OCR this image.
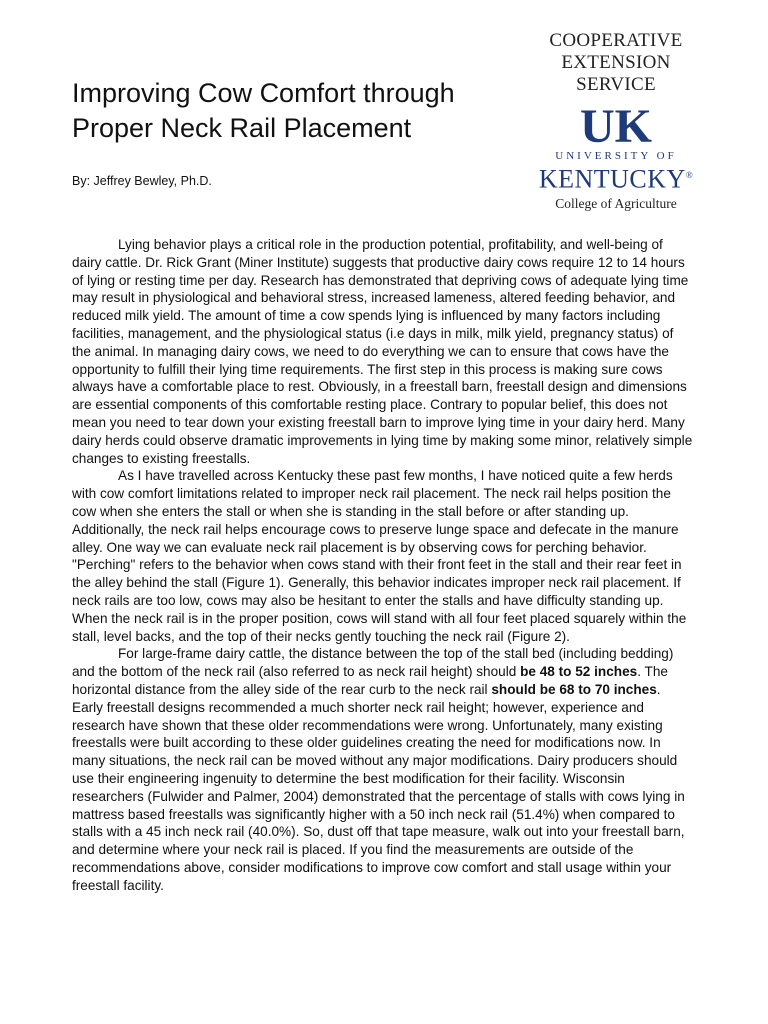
Improving Cow Comfort through Proper Neck Rail Placement
By: Jeffrey Bewley, Ph.D.
COOPERATIVE
EXTENSION
SERVICE
UK
UNIVERSITY OF
KENTUCKY®
College of Agriculture

Lying behavior plays a critical role in the production potential, profitability, and well-being of dairy cattle. Dr. Rick Grant (Miner Institute) suggests that productive dairy cows require 12 to 14 hours of lying or resting time per day. Research has demonstrated that depriving cows of adequate lying time may result in physiological and behavioral stress, increased lameness, altered feeding behavior, and reduced milk yield. The amount of time a cow spends lying is influenced by many factors including facilities, management, and the physiological status (i.e days in milk, milk yield, pregnancy status) of the animal. In managing dairy cows, we need to do everything we can to ensure that cows have the opportunity to fulfill their lying time requirements. The first step in this process is making sure cows always have a comfortable place to rest. Obviously, in a freestall barn, freestall design and dimensions are essential components of this comfortable resting place. Contrary to popular belief, this does not mean you need to tear down your existing freestall barn to improve lying time in your dairy herd. Many dairy herds could observe dramatic improvements in lying time by making some minor, relatively simple changes to existing freestalls.

As I have travelled across Kentucky these past few months, I have noticed quite a few herds with cow comfort limitations related to improper neck rail placement. The neck rail helps position the cow when she enters the stall or when she is standing in the stall before or after standing up. Additionally, the neck rail helps encourage cows to preserve lunge space and defecate in the manure alley. One way we can evaluate neck rail placement is by observing cows for perching behavior. "Perching" refers to the behavior when cows stand with their front feet in the stall and their rear feet in the alley behind the stall (Figure 1). Generally, this behavior indicates improper neck rail placement. If neck rails are too low, cows may also be hesitant to enter the stalls and have difficulty standing up. When the neck rail is in the proper position, cows will stand with all four feet placed squarely within the stall, level backs, and the top of their necks gently touching the neck rail (Figure 2).

For large-frame dairy cattle, the distance between the top of the stall bed (including bedding) and the bottom of the neck rail (also referred to as neck rail height) should be 48 to 52 inches. The horizontal distance from the alley side of the rear curb to the neck rail should be 68 to 70 inches. Early freestall designs recommended a much shorter neck rail height; however, experience and research have shown that these older recommendations were wrong. Unfortunately, many existing freestalls were built according to these older guidelines creating the need for modifications now. In many situations, the neck rail can be moved without any major modifications. Dairy producers should use their engineering ingenuity to determine the best modification for their facility. Wisconsin researchers (Fulwider and Palmer, 2004) demonstrated that the percentage of stalls with cows lying in mattress based freestalls was significantly higher with a 50 inch neck rail (51.4%) when compared to stalls with a 45 inch neck rail (40.0%). So, dust off that tape measure, walk out into your freestall barn, and determine where your neck rail is placed. If you find the measurements are outside of the recommendations above, consider modifications to improve cow comfort and stall usage within your freestall facility.
